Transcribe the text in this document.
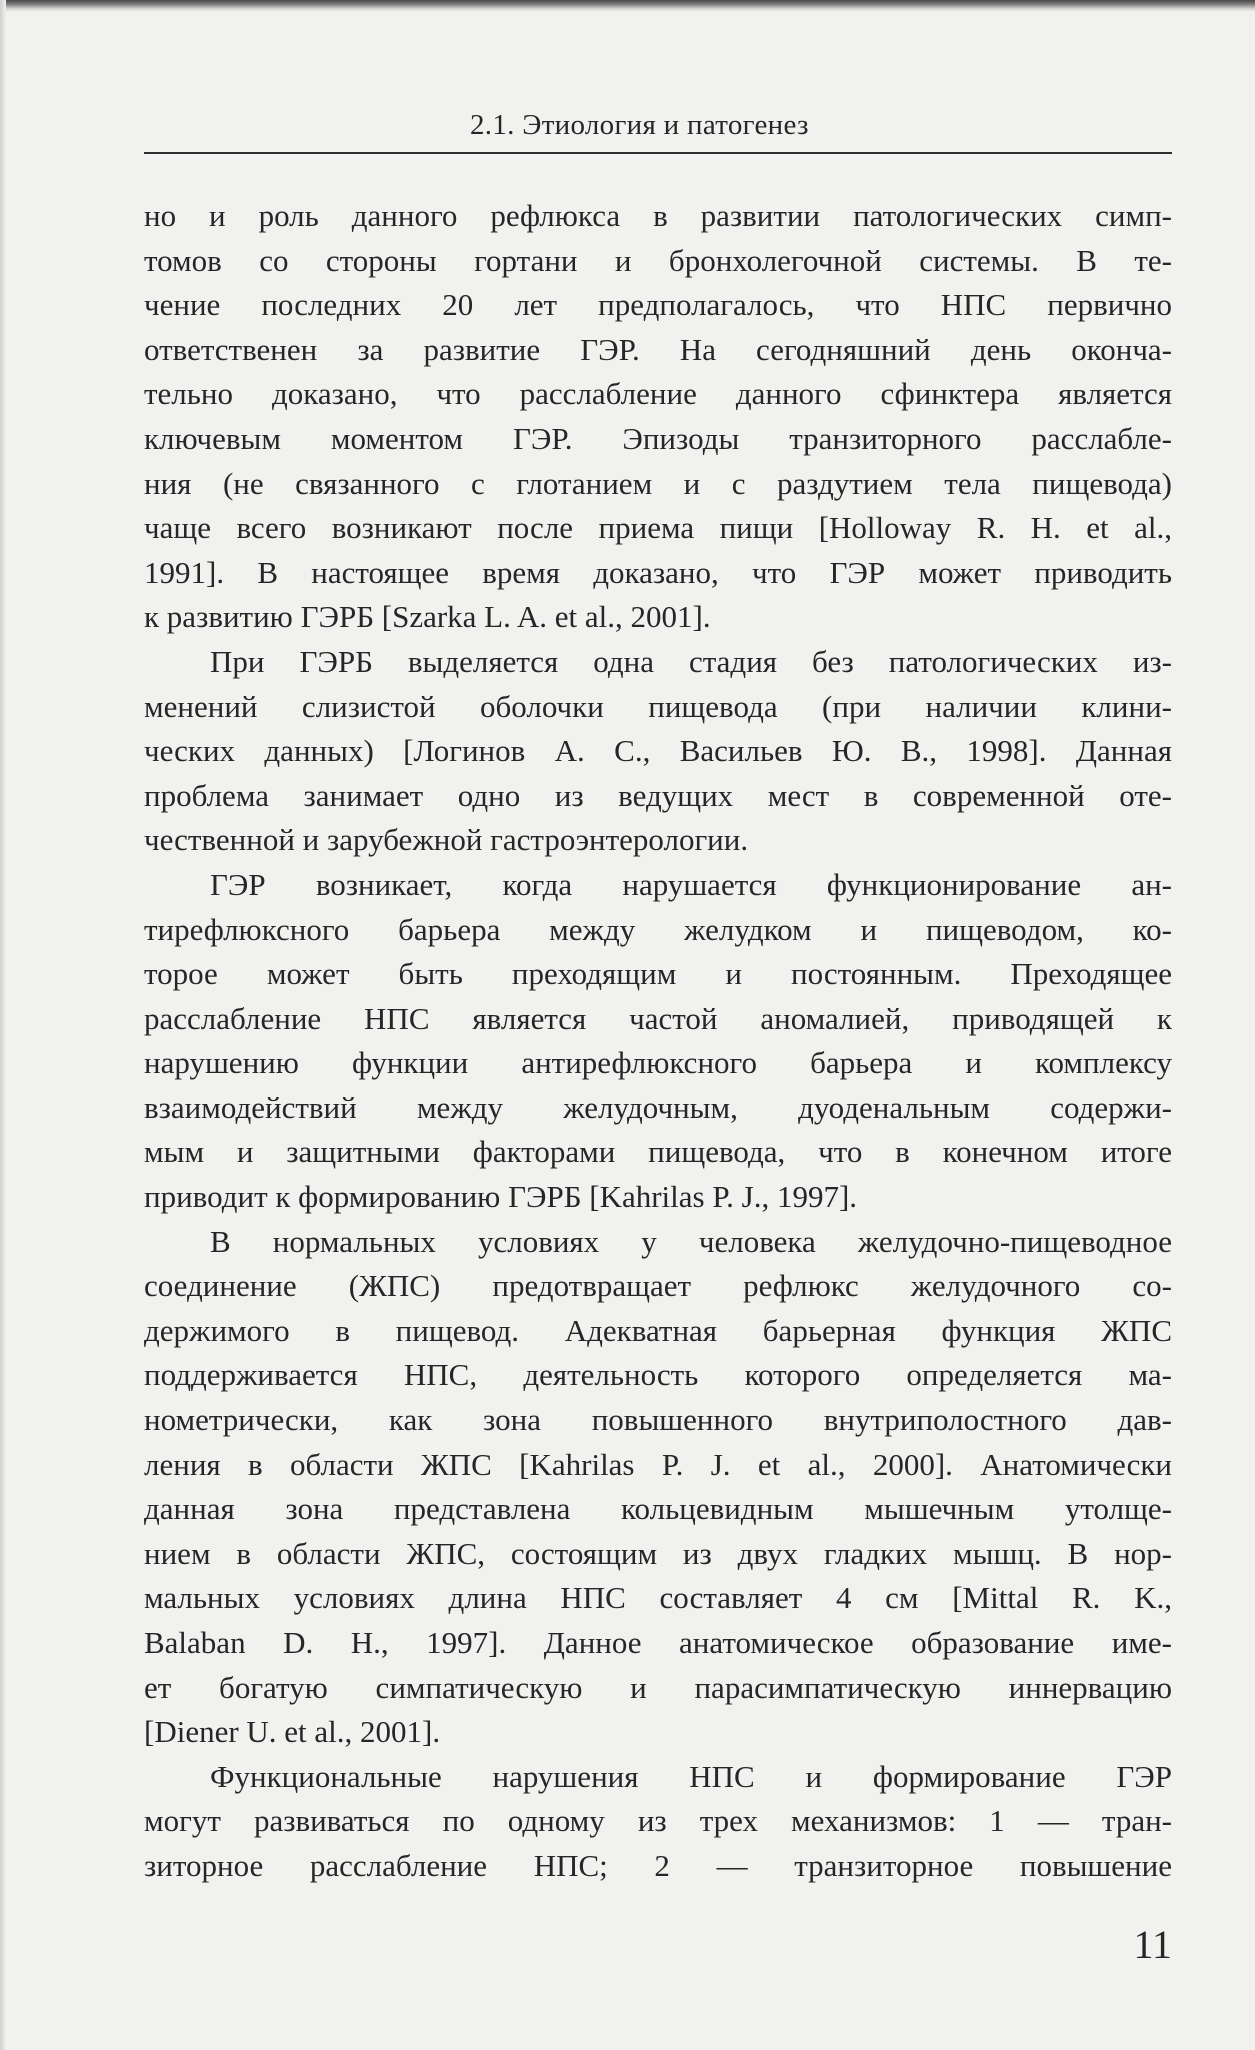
2.1. Этиология и патогенез
но и роль данного рефлюкса в развитии патологических симп-
томов со стороны гортани и бронхолегочной системы. В те-
чение последних 20 лет предполагалось, что НПС первично
ответственен за развитие ГЭР. На сегодняшний день оконча-
тельно доказано, что расслабление данного сфинктера является
ключевым моментом ГЭР. Эпизоды транзиторного расслабле-
ния (не связанного с глотанием и с раздутием тела пищевода)
чаще всего возникают после приема пищи [Holloway R. H. et al.,
1991]. В настоящее время доказано, что ГЭР может приводить
к развитию ГЭРБ [Szarka L. A. et al., 2001].
При ГЭРБ выделяется одна стадия без патологических из-
менений слизистой оболочки пищевода (при наличии клини-
ческих данных) [Логинов А. С., Васильев Ю. В., 1998]. Данная
проблема занимает одно из ведущих мест в современной оте-
чественной и зарубежной гастроэнтерологии.
ГЭР возникает, когда нарушается функционирование ан-
тирефлюксного барьера между желудком и пищеводом, ко-
торое может быть преходящим и постоянным. Преходящее
расслабление НПС является частой аномалией, приводящей к
нарушению функции антирефлюксного барьера и комплексу
взаимодействий между желудочным, дуоденальным содержи-
мым и защитными факторами пищевода, что в конечном итоге
приводит к формированию ГЭРБ [Kahrilas P. J., 1997].
В нормальных условиях у человека желудочно-пищеводное
соединение (ЖПС) предотвращает рефлюкс желудочного со-
держимого в пищевод. Адекватная барьерная функция ЖПС
поддерживается НПС, деятельность которого определяется ма-
нометрически, как зона повышенного внутриполостного дав-
ления в области ЖПС [Kahrilas P. J. et al., 2000]. Анатомически
данная зона представлена кольцевидным мышечным утолще-
нием в области ЖПС, состоящим из двух гладких мышц. В нор-
мальных условиях длина НПС составляет 4 см [Mittal R. K.,
Balaban D. H., 1997]. Данное анатомическое образование име-
ет богатую симпатическую и парасимпатическую иннервацию
[Diener U. et al., 2001].
Функциональные нарушения НПС и формирование ГЭР
могут развиваться по одному из трех механизмов: 1 — тран-
зиторное расслабление НПС; 2 — транзиторное повышение
11
